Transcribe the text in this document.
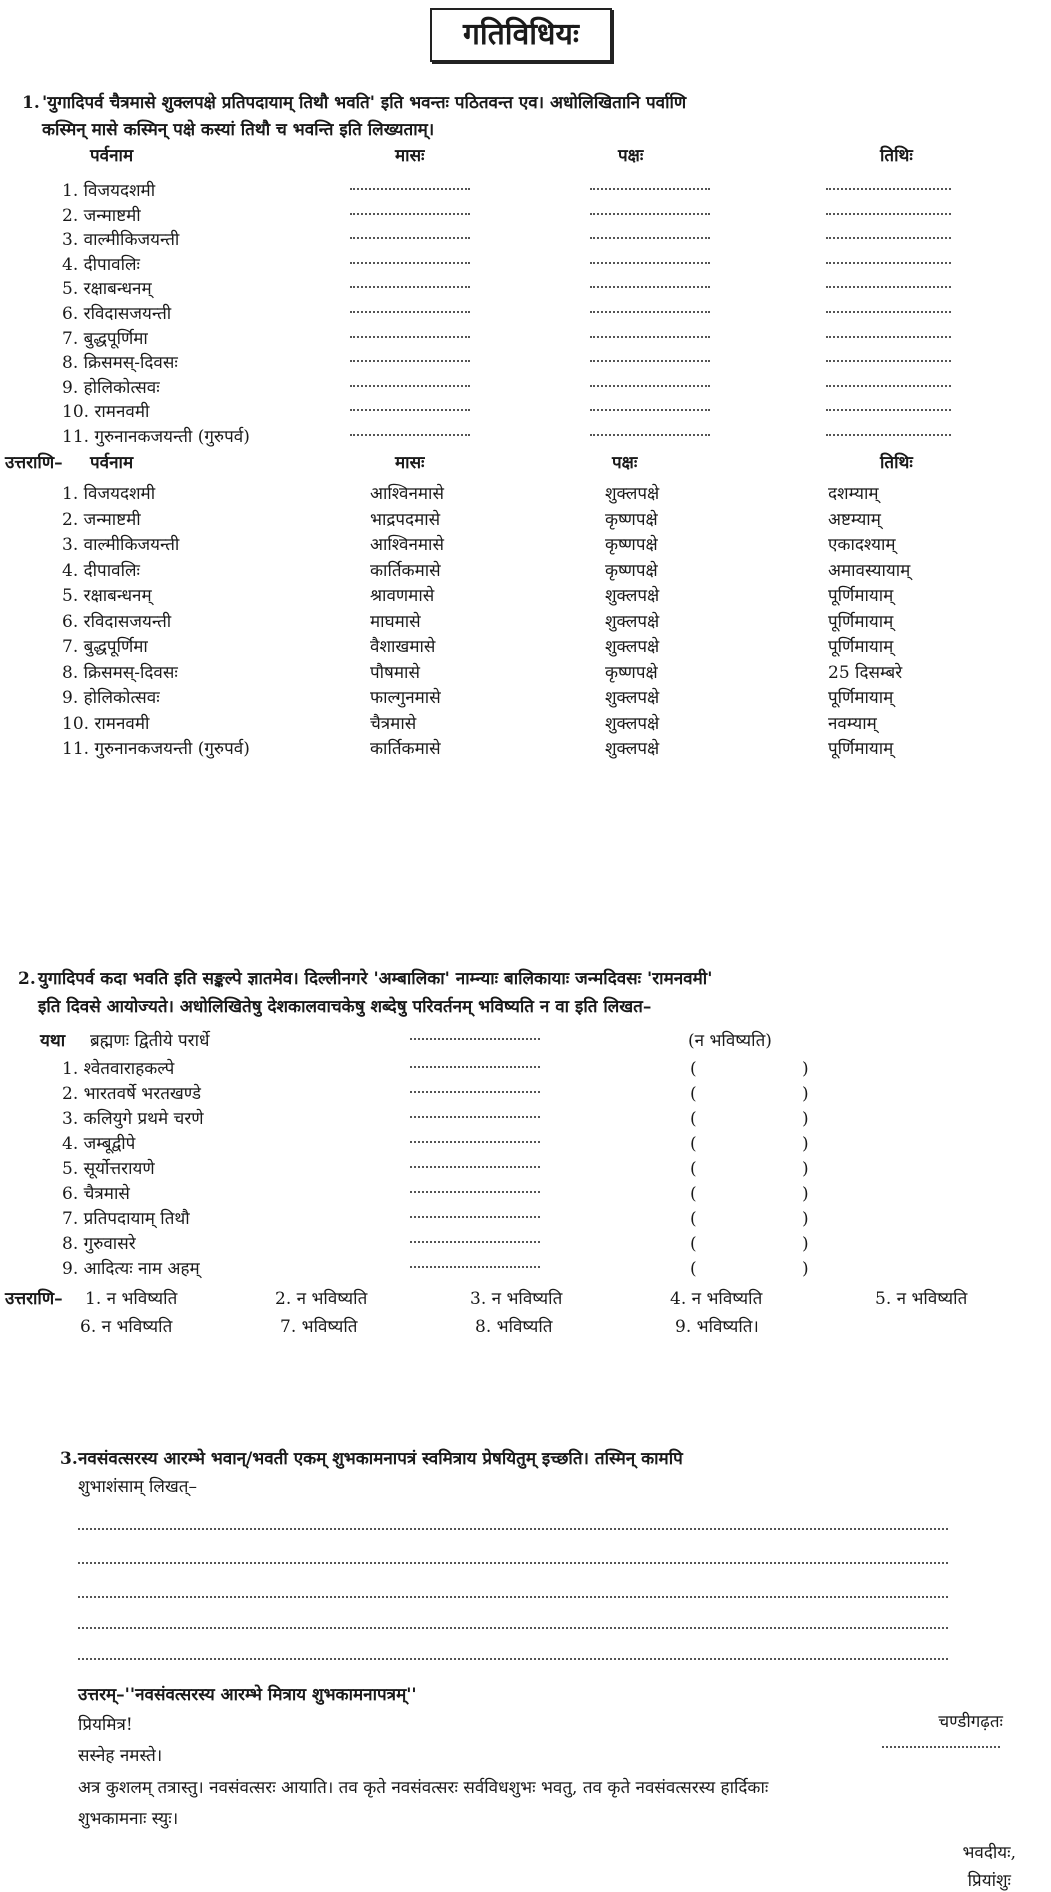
गतिविधियः
1. 'युगादिपर्व चैत्रमासे शुक्लपक्षे प्रतिपदायाम् तिथौ भवति' इति भवन्तः पठितवन्त एव। अधोलिखितानि पर्वाणि
कस्मिन् मासे कस्मिन् पक्षे कस्यां तिथौ च भवन्ति इति लिख्यताम्।
पर्वनाम	मासः	पक्षः	तिथिः
1. विजयदशमी
2. जन्माष्टमी
3. वाल्मीकिजयन्ती
4. दीपावलिः
5. रक्षाबन्धनम्
6. रविदासजयन्ती
7. बुद्धपूर्णिमा
8. क्रिसमस्-दिवसः
9. होलिकोत्सवः
10. रामनवमी
11. गुरुनानकजयन्ती (गुरुपर्व)
उत्तराणि– पर्वनाम	मासः	पक्षः	तिथिः
1. विजयदशमी	आश्विनमासे	शुक्लपक्षे	दशम्याम्
2. जन्माष्टमी	भाद्रपदमासे	कृष्णपक्षे	अष्टम्याम्
3. वाल्मीकिजयन्ती	आश्विनमासे	कृष्णपक्षे	एकादश्याम्
4. दीपावलिः	कार्तिकमासे	कृष्णपक्षे	अमावस्यायाम्
5. रक्षाबन्धनम्	श्रावणमासे	शुक्लपक्षे	पूर्णिमायाम्
6. रविदासजयन्ती	माघमासे	शुक्लपक्षे	पूर्णिमायाम्
7. बुद्धपूर्णिमा	वैशाखमासे	शुक्लपक्षे	पूर्णिमायाम्
8. क्रिसमस्-दिवसः	पौषमासे	कृष्णपक्षे	25 दिसम्बरे
9. होलिकोत्सवः	फाल्गुनमासे	शुक्लपक्षे	पूर्णिमायाम्
10. रामनवमी	चैत्रमासे	शुक्लपक्षे	नवम्याम्
11. गुरुनानकजयन्ती (गुरुपर्व)	कार्तिकमासे	शुक्लपक्षे	पूर्णिमायाम्
2. युगादिपर्व कदा भवति इति सङ्कल्पे ज्ञातमेव। दिल्लीनगरे 'अम्बालिका' नाम्न्याः बालिकायाः जन्मदिवसः 'रामनवमी'
इति दिवसे आयोज्यते। अधोलिखितेषु देशकालवाचकेषु शब्देषु परिवर्तनम् भविष्यति न वा इति लिखत–
यथा ब्रह्मणः द्वितीये परार्धे	(न भविष्यति)
1. श्वेतवाराहकल्पे	(	)
2. भारतवर्षे भरतखण्डे	(	)
3. कलियुगे प्रथमे चरणे	(	)
4. जम्बूद्वीपे	(	)
5. सूर्योत्तरायणे	(	)
6. चैत्रमासे	(	)
7. प्रतिपदायाम् तिथौ	(	)
8. गुरुवासरे	(	)
9. आदित्यः नाम अहम्	(	)
उत्तराणि– 1. न भविष्यति	2. न भविष्यति	3. न भविष्यति	4. न भविष्यति	5. न भविष्यति
6. न भविष्यति	7. भविष्यति	8. भविष्यति	9. भविष्यति।
3. नवसंवत्सरस्य आरम्भे भवान्/भवती एकम् शुभकामनापत्रं स्वमित्राय प्रेषयितुम् इच्छति। तस्मिन् कामपि
शुभाशंसाम् लिखत्–
उत्तरम्–''नवसंवत्सरस्य आरम्भे मित्राय शुभकामनापत्रम्''
प्रियमित्र!	चण्डीगढ़तः
सस्नेह नमस्ते।
अत्र कुशलम् तत्रास्तु। नवसंवत्सरः आयाति। तव कृते नवसंवत्सरः सर्वविधशुभः भवतु, तव कृते नवसंवत्सरस्य हार्दिकाः
शुभकामनाः स्युः।
भवदीयः,
प्रियांशुः
